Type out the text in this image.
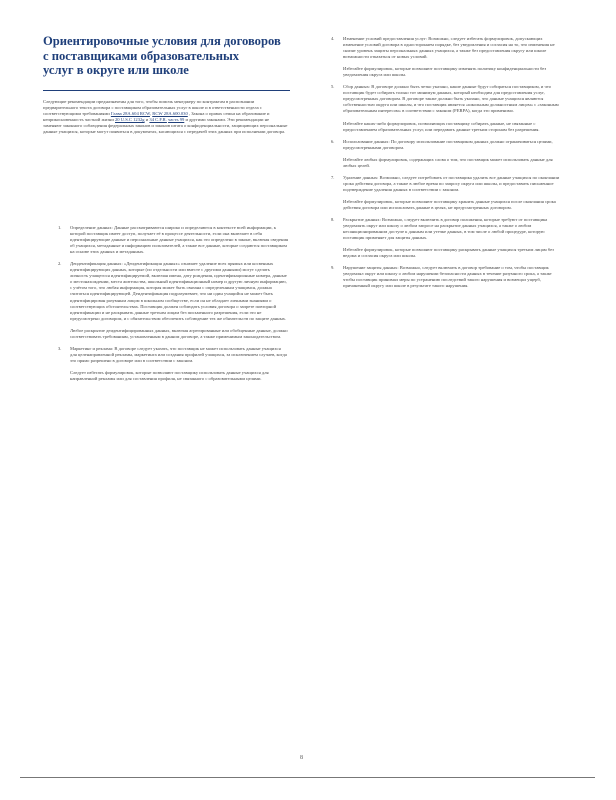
Ориентировочные условия для договоров
с поставщиками образовательных
услуг в округе или школе
Следующие рекомендации предназначены для того, чтобы помочь менеджеру по контрактам в распознании предварительного текста договора с поставщиком образовательных услуг в школе и в ответственности отдела с соответствующими требованиями Глава 28A.604 RCW, RCW 28A.600.030 , Закона о правах семьи на образование и неприкосновенность частной жизни 20 U.S.C 1232g и 34 C.F.R. часть 99 и другими законами. Эти рекомендации не заменяют законного соблюдения федеральных законов и законов штата о конфиденциальности, защищающих персональные данные учащихся, которые могут появиться в документах, касающихся с передачей этих данных при исполнении договора.
1. Определение данных: Данные рассматриваются широко и определяются в контексте всей информации, к которой поставщик имеет доступ, получает её в процессе деятельности, если она включает в себя идентифицирующие данные и персональные данные учащихся, как это определено в законе, включая сведения об учащихся, метаданные и информацию пользователей, а также все данные, которые создаются поставщиком на основе этих данных и метаданных.

2. Деидентификация данных: «Деидентификация данных» означает удаление всех прямых или косвенных идентифицирующих данных, которые (по отдельности или вместе с другими данными) могут сделать личность учащегося идентифицируемой, включая имена, дату рождения, идентификационные номера, данные о местонахождении, места жительства, школьный идентификационный номер и другую личную информацию, с учётом того, что любая информация, которая может быть связана с определенным учащимся, должна считаться идентифицирующей. Деидентификация подразумевает, что ни один учащийся не может быть идентифицирован разумным лицом в школьном сообществе, если он не обладает личными знаниями о соответствующих обстоятельствах. Поставщик должен соблюдать условия договора о запрете повторной идентификации и не раскрывать данные третьим лицам без письменного разрешения, если это не предусмотрено договором, и с обязательством обеспечить соблюдение тех же обязательств по защите данных.

Любое раскрытие деидентифицированных данных, включая агрегированные или обобщенные данные, должно соответствовать требованиям, установленным в данном договоре, а также применимым законодательством.

3. Маркетинг и реклама: В договоре следует указать, что поставщик не может использовать данные учащихся для целенаправленной рекламы, маркетинга или создания профилей учащихся, за исключением случаев, когда это прямо разрешено в договоре или в соответствии с законом.

Следует избегать формулировок, которые позволяют поставщику использовать данные учащихся для направленной рекламы или для составления профиля, не связанного с образовательными целями.

4. Изменение условий предоставления услуг: Возможно, следует избегать формулировок, допускающих изменение условий договора в одностороннем порядке, без уведомления и согласия на то, что изменения не снизят уровень защиты персональных данных учащихся, а также без предоставления округу или школе возможности отказаться от новых условий.

Избегайте формулировок, которые позволяют поставщику изменять политику конфиденциальности без уведомления округа или школы.

5. Сбор данных: В договоре должно быть четко указано, какие данные будут собираться поставщиком, и что поставщик будет собирать только тот минимум данных, который необходим для предоставления услуг, предусмотренных договором. В договоре также должно быть указано, что данные учащихся являются собственностью округа или школы, и что поставщик является «школьным должностным лицом» с «законным образовательным интересом» в соответствии с законом (FERPA), когда это применимо.

Избегайте каких-либо формулировок, позволяющих поставщику собирать данные, не связанные с предоставлением образовательных услуг, или передавать данные третьим сторонам без разрешения.

6. Использование данных: По договору использование поставщиком данных должно ограничиваться целями, предусмотренными договором.

Избегайте любых формулировок, содержащих слова о том, что поставщик может использовать данные для любых целей.

7. Удаление данных: Возможно, следует потребовать от поставщика удалить все данные учащихся по окончании срока действия договора, а также в любое время по запросу округа или школы, и предоставить письменное подтверждение удаления данных в соответствии с законом.

Избегайте формулировок, которые позволяют поставщику хранить данные учащихся после окончания срока действия договора или использовать данные в целях, не предусмотренных договором.

8. Раскрытие данных: Возможно, следует включить в договор положения, которые требуют от поставщика уведомлять округ или школу о любом запросе на раскрытие данных учащихся, а также о любом несанкционированном доступе к данным или утечке данных, в том числе о любой процедуре, которую поставщик применяет для защиты данных.

Избегайте формулировок, которые позволяют поставщику раскрывать данные учащихся третьим лицам без ведома и согласия округа или школы.

9. Нарушение защиты данных: Возможно, следует включить в договор требование о том, чтобы поставщик уведомлял округ или школу о любом нарушении безопасности данных в течение разумного срока, а также чтобы поставщик принимал меры по устранению последствий такого нарушения и возмещал ущерб, причиненный округу или школе в результате такого нарушения.

8
